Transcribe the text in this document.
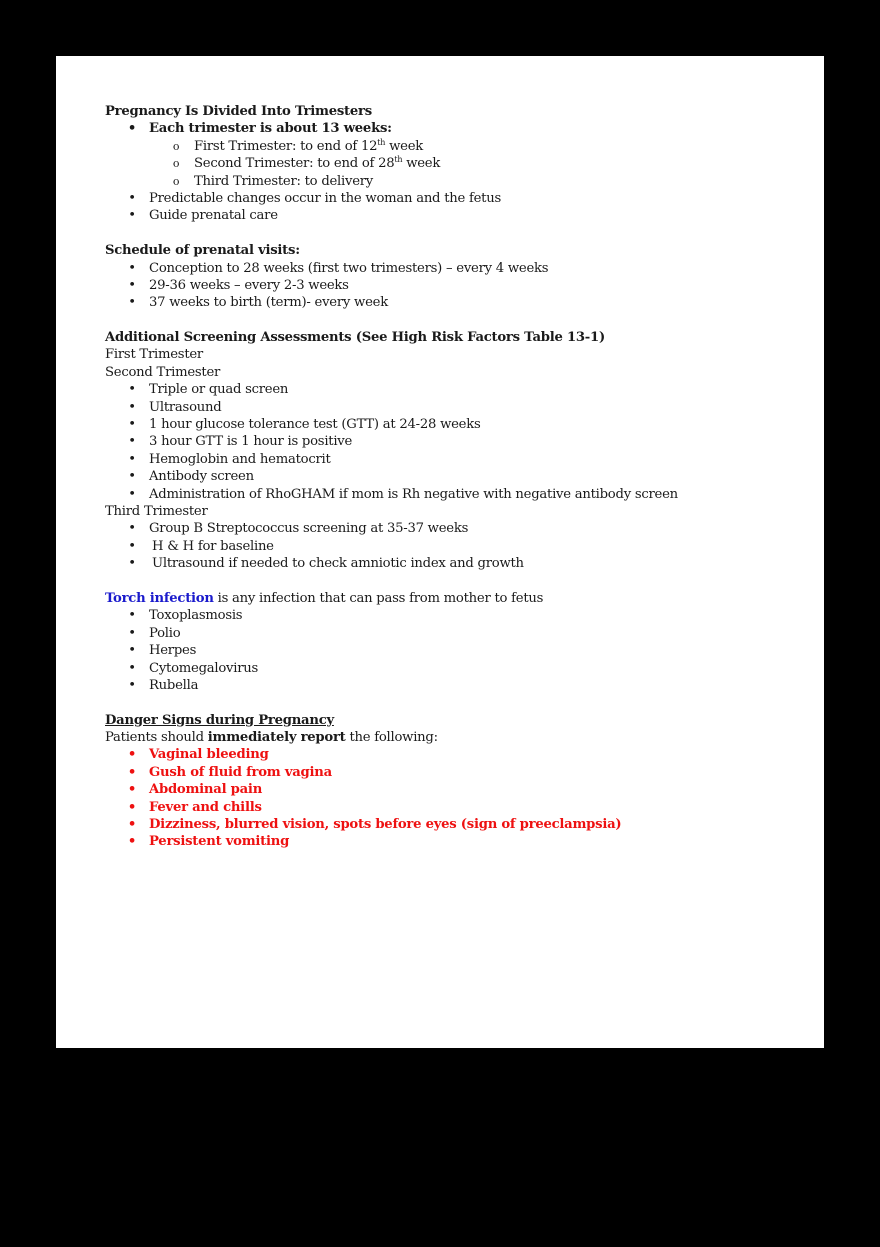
Pregnancy Is Divided Into Trimesters
• Each trimester is about 13 weeks:
o First Trimester: to end of 12th week
o Second Trimester: to end of 28th week
o Third Trimester: to delivery
• Predictable changes occur in the woman and the fetus
• Guide prenatal care
Schedule of prenatal visits:
• Conception to 28 weeks (first two trimesters) – every 4 weeks
• 29-36 weeks – every 2-3 weeks
• 37 weeks to birth (term)- every week
Additional Screening Assessments (See High Risk Factors Table 13-1)
First Trimester
Second Trimester
• Triple or quad screen
• Ultrasound
• 1 hour glucose tolerance test (GTT) at 24-28 weeks
• 3 hour GTT is 1 hour is positive
• Hemoglobin and hematocrit
• Antibody screen
• Administration of RhoGHAM if mom is Rh negative with negative antibody screen
Third Trimester
• Group B Streptococcus screening at 35-37 weeks
• H & H for baseline
• Ultrasound if needed to check amniotic index and growth
Torch infection is any infection that can pass from mother to fetus
• Toxoplasmosis
• Polio
• Herpes
• Cytomegalovirus
• Rubella
Danger Signs during Pregnancy
Patients should immediately report the following:
• Vaginal bleeding
• Gush of fluid from vagina
• Abdominal pain
• Fever and chills
• Dizziness, blurred vision, spots before eyes (sign of preeclampsia)
• Persistent vomiting
